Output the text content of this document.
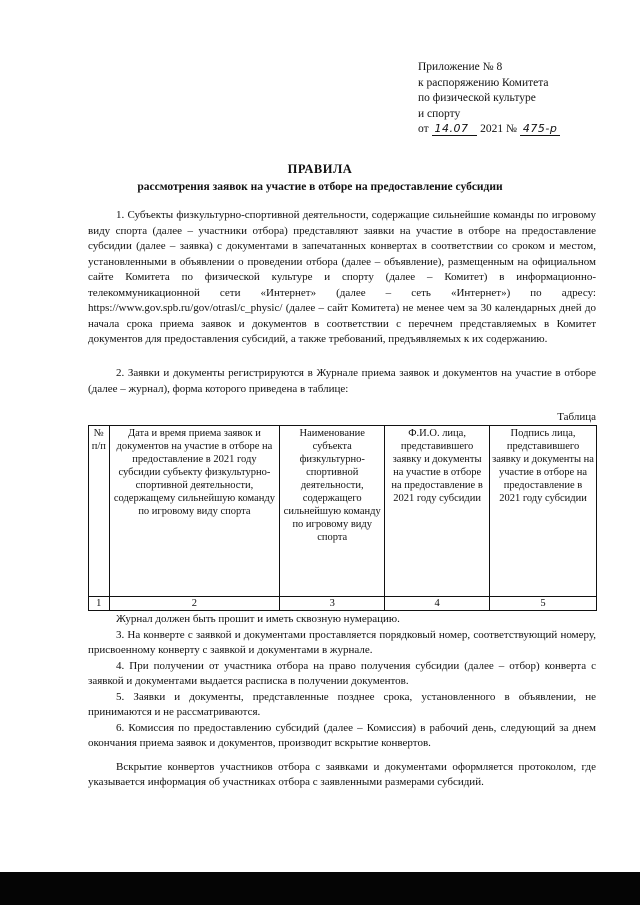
Приложение № 8
к распоряжению Комитета
по физической культуре
и спорту
от 14.07 2021 № 475-р
ПРАВИЛА
рассмотрения заявок на участие в отборе на предоставление субсидии

1. Субъекты физкультурно-спортивной деятельности, содержащие сильнейшие команды по игровому виду спорта (далее – участники отбора) представляют заявки на участие в отборе на предоставление субсидии (далее – заявка) с документами в запечатанных конвертах в соответствии со сроком и местом, установленными в объявлении о проведении отбора (далее – объявление), размещенным на официальном сайте Комитета по физической культуре и спорту (далее – Комитет) в информационно-телекоммуникационной сети «Интернет» (далее – сеть «Интернет») по адресу: https://www.gov.spb.ru/gov/otrasl/c_physic/ (далее – сайт Комитета) не менее чем за 30 календарных дней до начала срока приема заявок и документов в соответствии с перечнем представляемых в Комитет документов для предоставления субсидий, а также требований, предъявляемых к их содержанию.

2. Заявки и документы регистрируются в Журнале приема заявок и документов на участие в отборе (далее – журнал), форма которого приведена в таблице:

Таблица
№ п/п	Дата и время приема заявок и документов на участие в отборе на предоставление в 2021 году субсидии субъекту физкультурно-спортивной деятельности, содержащему сильнейшую команду по игровому виду спорта	Наименование субъекта физкультурно-спортивной деятельности, содержащего сильнейшую команду по игровому виду спорта	Ф.И.О. лица, представившего заявку и документы на участие в отборе на предоставление в 2021 году субсидии	Подпись лица, представившего заявку и документы на участие в отборе на предоставление в 2021 году субсидии
1	2	3	4	5

Журнал должен быть прошит и иметь сквозную нумерацию.

3. На конверте с заявкой и документами проставляется порядковый номер, соответствующий номеру, присвоенному конверту с заявкой и документами в журнале.

4. При получении от участника отбора на право получения субсидии (далее – отбор) конверта с заявкой и документами выдается расписка в получении документов.

5. Заявки и документы, представленные позднее срока, установленного в объявлении, не принимаются и не рассматриваются.

6. Комиссия по предоставлению субсидий (далее – Комиссия) в рабочий день, следующий за днем окончания приема заявок и документов, производит вскрытие конвертов.

Вскрытие конвертов участников отбора с заявками и документами оформляется протоколом, где указывается информация об участниках отбора с заявленными размерами субсидий.
